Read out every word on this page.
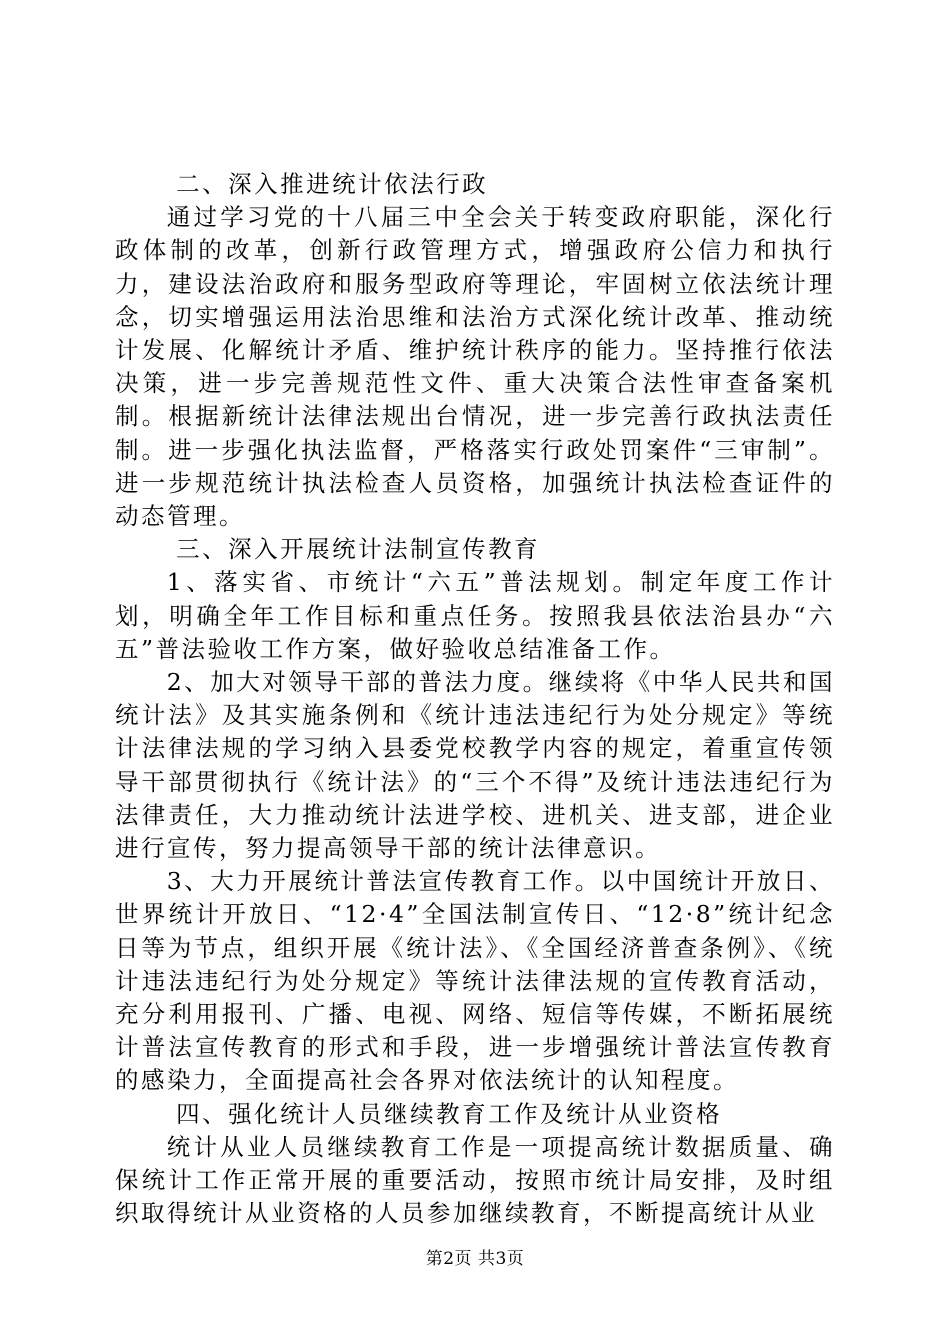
二、深入推进统计依法行政

通过学习党的十八届三中全会关于转变政府职能，深化行政体制的改革，创新行政管理方式，增强政府公信力和执行力，建设法治政府和服务型政府等理论，牢固树立依法统计理念，切实增强运用法治思维和法治方式深化统计改革、推动统计发展、化解统计矛盾、维护统计秩序的能力。坚持推行依法决策，进一步完善规范性文件、重大决策合法性审查备案机制。根据新统计法律法规出台情况，进一步完善行政执法责任制。进一步强化执法监督，严格落实行政处罚案件“三审制”。进一步规范统计执法检查人员资格，加强统计执法检查证件的动态管理。

三、深入开展统计法制宣传教育

1、落实省、市统计“六五”普法规划。制定年度工作计划，明确全年工作目标和重点任务。按照我县依法治县办“六五”普法验收工作方案，做好验收总结准备工作。

2、加大对领导干部的普法力度。继续将《中华人民共和国统计法》及其实施条例和《统计违法违纪行为处分规定》等统计法律法规的学习纳入县委党校教学内容的规定，着重宣传领导干部贯彻执行《统计法》的“三个不得”及统计违法违纪行为法律责任，大力推动统计法进学校、进机关、进支部，进企业进行宣传，努力提高领导干部的统计法律意识。

3、大力开展统计普法宣传教育工作。以中国统计开放日、世界统计开放日、“12·4”全国法制宣传日、“12·8”统计纪念日等为节点，组织开展《统计法》、《全国经济普查条例》、《统计违法违纪行为处分规定》等统计法律法规的宣传教育活动，充分利用报刊、广播、电视、网络、短信等传媒，不断拓展统计普法宣传教育的形式和手段，进一步增强统计普法宣传教育的感染力，全面提高社会各界对依法统计的认知程度。

四、强化统计人员继续教育工作及统计从业资格

统计从业人员继续教育工作是一项提高统计数据质量、确保统计工作正常开展的重要活动，按照市统计局安排，及时组织取得统计从业资格的人员参加继续教育，不断提高统计从业

第2页 共3页
